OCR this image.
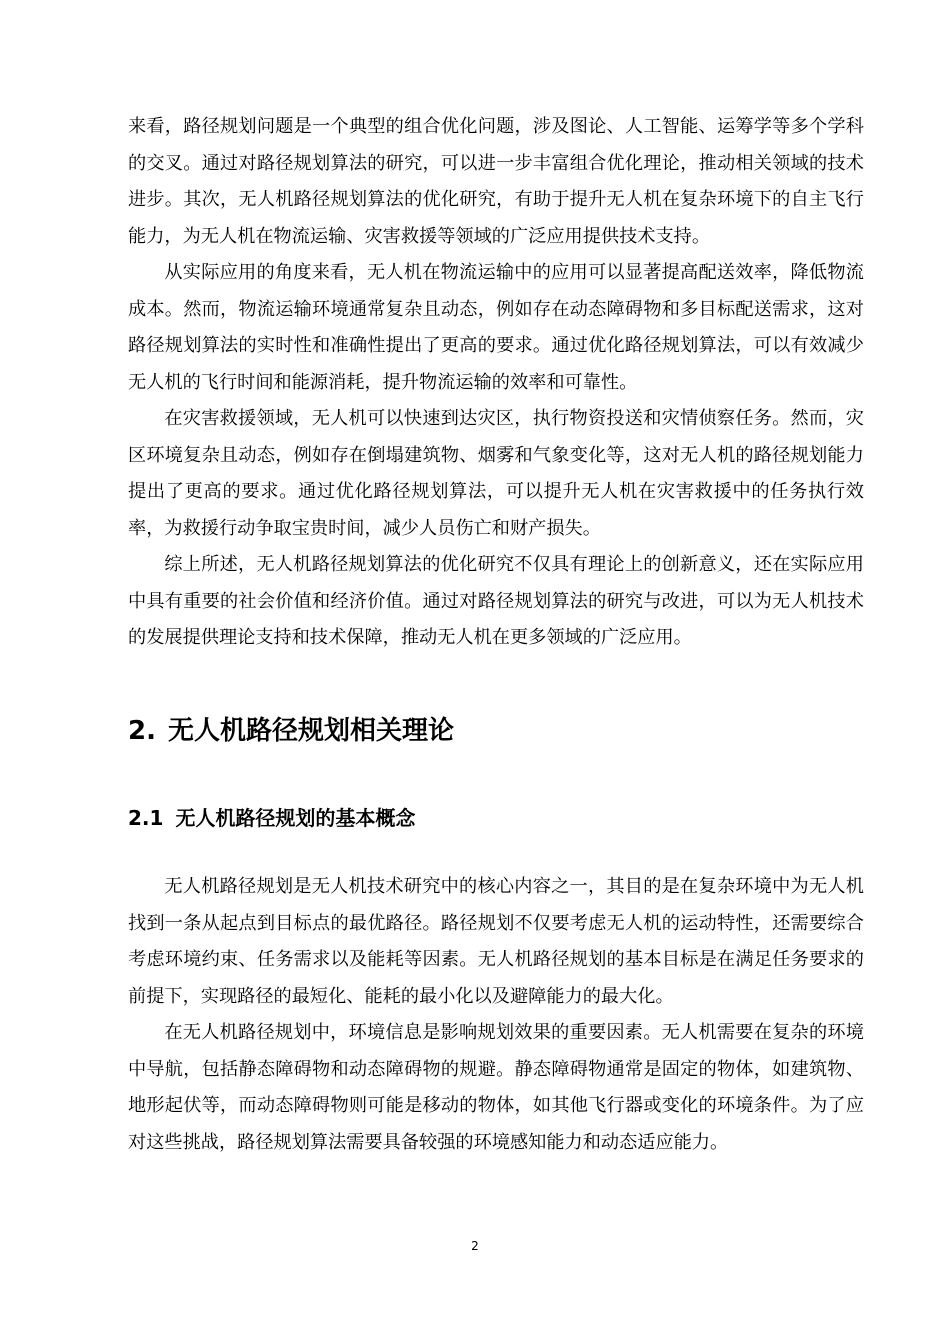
来看，路径规划问题是一个典型的组合优化问题，涉及图论、人工智能、运筹学等多个学科的交叉。通过对路径规划算法的研究，可以进一步丰富组合优化理论，推动相关领域的技术进步。其次，无人机路径规划算法的优化研究，有助于提升无人机在复杂环境下的自主飞行能力，为无人机在物流运输、灾害救援等领域的广泛应用提供技术支持。

从实际应用的角度来看，无人机在物流运输中的应用可以显著提高配送效率，降低物流成本。然而，物流运输环境通常复杂且动态，例如存在动态障碍物和多目标配送需求，这对路径规划算法的实时性和准确性提出了更高的要求。通过优化路径规划算法，可以有效减少无人机的飞行时间和能源消耗，提升物流运输的效率和可靠性。

在灾害救援领域，无人机可以快速到达灾区，执行物资投送和灾情侦察任务。然而，灾区环境复杂且动态，例如存在倒塌建筑物、烟雾和气象变化等，这对无人机的路径规划能力提出了更高的要求。通过优化路径规划算法，可以提升无人机在灾害救援中的任务执行效率，为救援行动争取宝贵时间，减少人员伤亡和财产损失。

综上所述，无人机路径规划算法的优化研究不仅具有理论上的创新意义，还在实际应用中具有重要的社会价值和经济价值。通过对路径规划算法的研究与改进，可以为无人机技术的发展提供理论支持和技术保障，推动无人机在更多领域的广泛应用。

2. 无人机路径规划相关理论
2.1 无人机路径规划的基本概念

无人机路径规划是无人机技术研究中的核心内容之一，其目的是在复杂环境中为无人机找到一条从起点到目标点的最优路径。路径规划不仅要考虑无人机的运动特性，还需要综合考虑环境约束、任务需求以及能耗等因素。无人机路径规划的基本目标是在满足任务要求的前提下，实现路径的最短化、能耗的最小化以及避障能力的最大化。

在无人机路径规划中，环境信息是影响规划效果的重要因素。无人机需要在复杂的环境中导航，包括静态障碍物和动态障碍物的规避。静态障碍物通常是固定的物体，如建筑物、地形起伏等，而动态障碍物则可能是移动的物体，如其他飞行器或变化的环境条件。为了应对这些挑战，路径规划算法需要具备较强的环境感知能力和动态适应能力。

2
